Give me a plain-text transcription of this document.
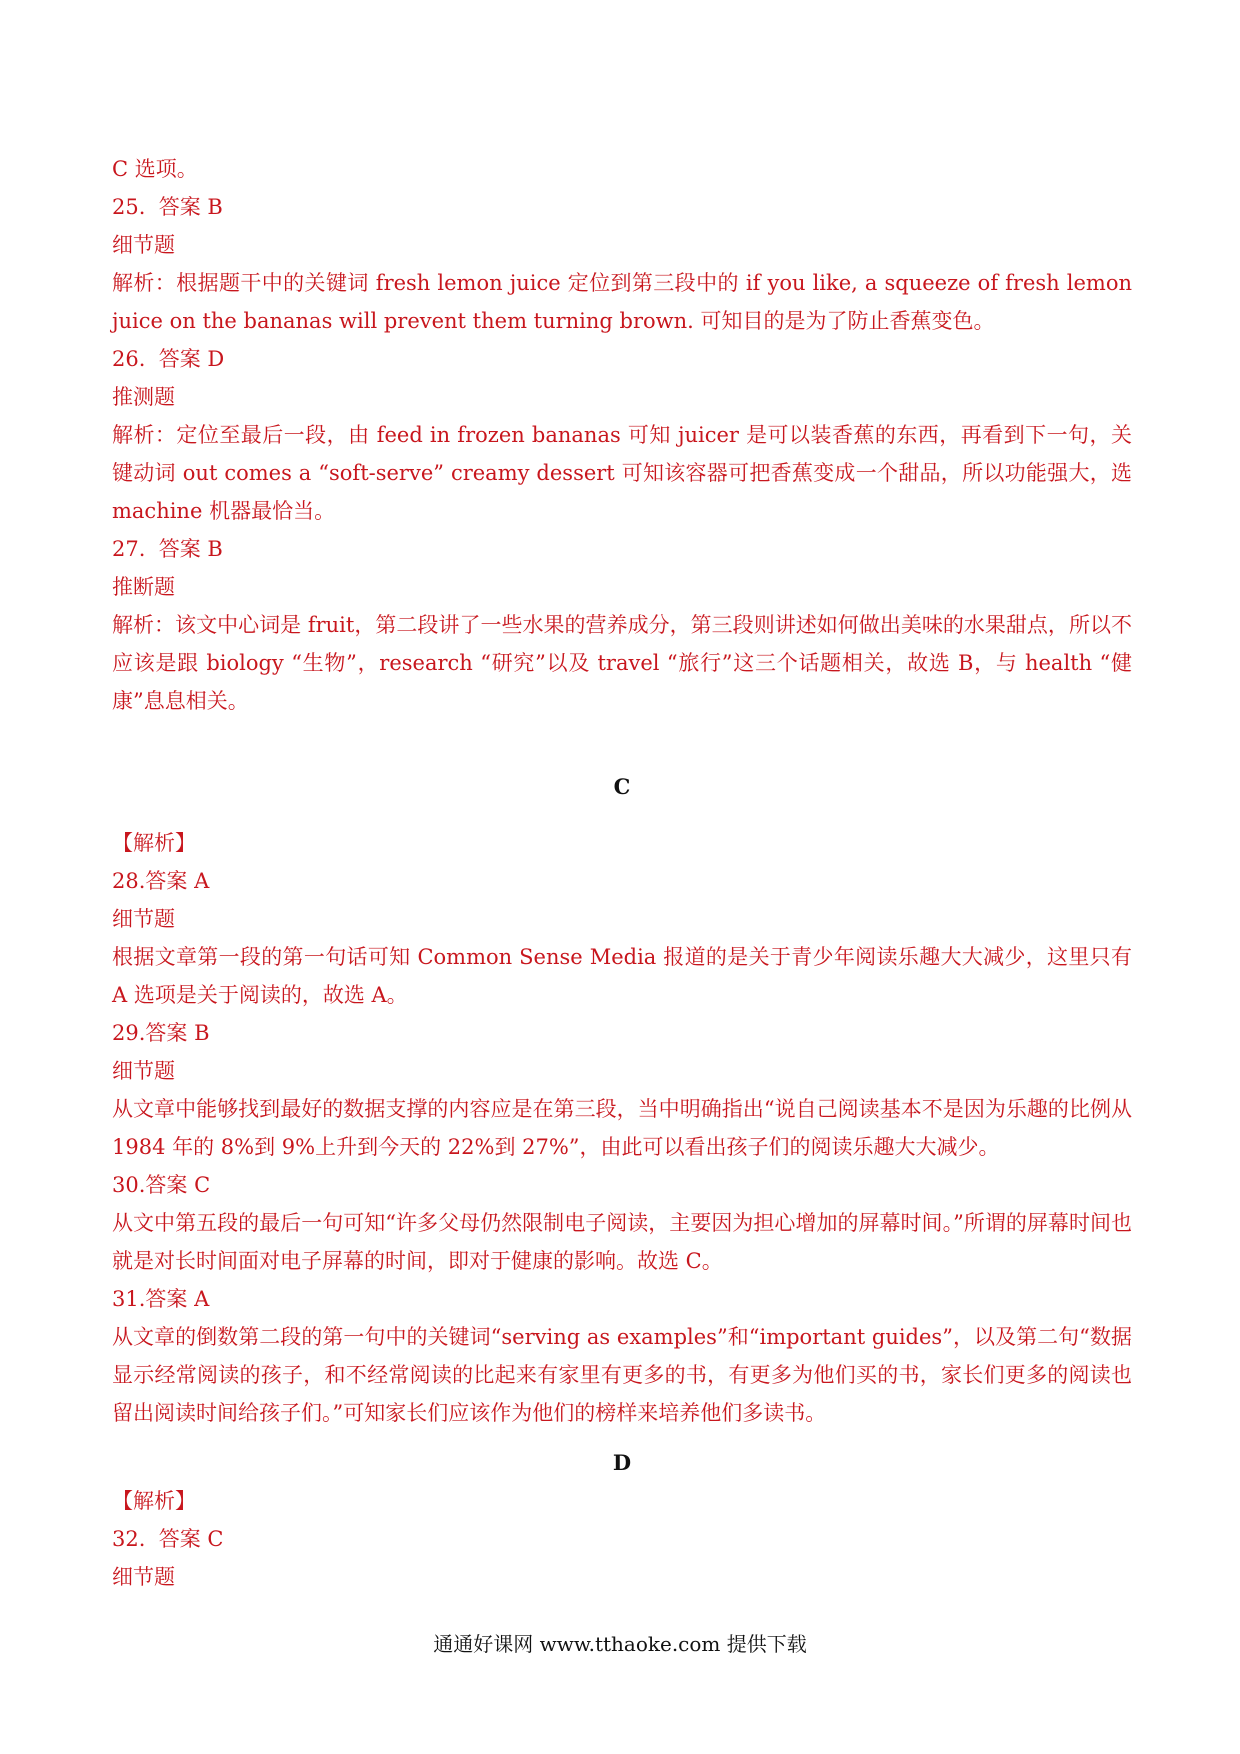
C 选项。
25.  答案 B
细节题
解析：根据题干中的关键词 fresh lemon juice 定位到第三段中的 if you like, a squeeze of fresh lemon juice on the bananas will prevent them turning brown. 可知目的是为了防止香蕉变色。
26.  答案 D
推测题
解析：定位至最后一段，由 feed in frozen bananas 可知 juicer 是可以装香蕉的东西，再看到下一句，关键动词 out comes a “soft-serve” creamy dessert 可知该容器可把香蕉变成一个甜品，所以功能强大，选 machine 机器最恰当。
27.  答案 B
推断题
解析：该文中心词是 fruit，第二段讲了一些水果的营养成分，第三段则讲述如何做出美味的水果甜点，所以不应该是跟 biology “生物”，research “研究”以及 travel “旅行”这三个话题相关，故选 B，与 health “健康”息息相关。
C
【解析】
28.答案 A
细节题
根据文章第一段的第一句话可知 Common Sense Media 报道的是关于青少年阅读乐趣大大减少，这里只有 A 选项是关于阅读的，故选 A。
29.答案 B
细节题
从文章中能够找到最好的数据支撑的内容应是在第三段，当中明确指出“说自己阅读基本不是因为乐趣的比例从 1984 年的 8%到 9%上升到今天的 22%到 27%”，由此可以看出孩子们的阅读乐趣大大减少。
30.答案 C
从文中第五段的最后一句可知“许多父母仍然限制电子阅读，主要因为担心增加的屏幕时间。”所谓的屏幕时间也就是对长时间面对电子屏幕的时间，即对于健康的影响。故选 C。
31.答案 A
从文章的倒数第二段的第一句中的关键词“serving as examples”和“important guides”，以及第二句“数据显示经常阅读的孩子，和不经常阅读的比起来有家里有更多的书，有更多为他们买的书，家长们更多的阅读也留出阅读时间给孩子们。”可知家长们应该作为他们的榜样来培养他们多读书。
D
【解析】
32.  答案 C
细节题
通通好课网 www.tthaoke.com 提供下载
